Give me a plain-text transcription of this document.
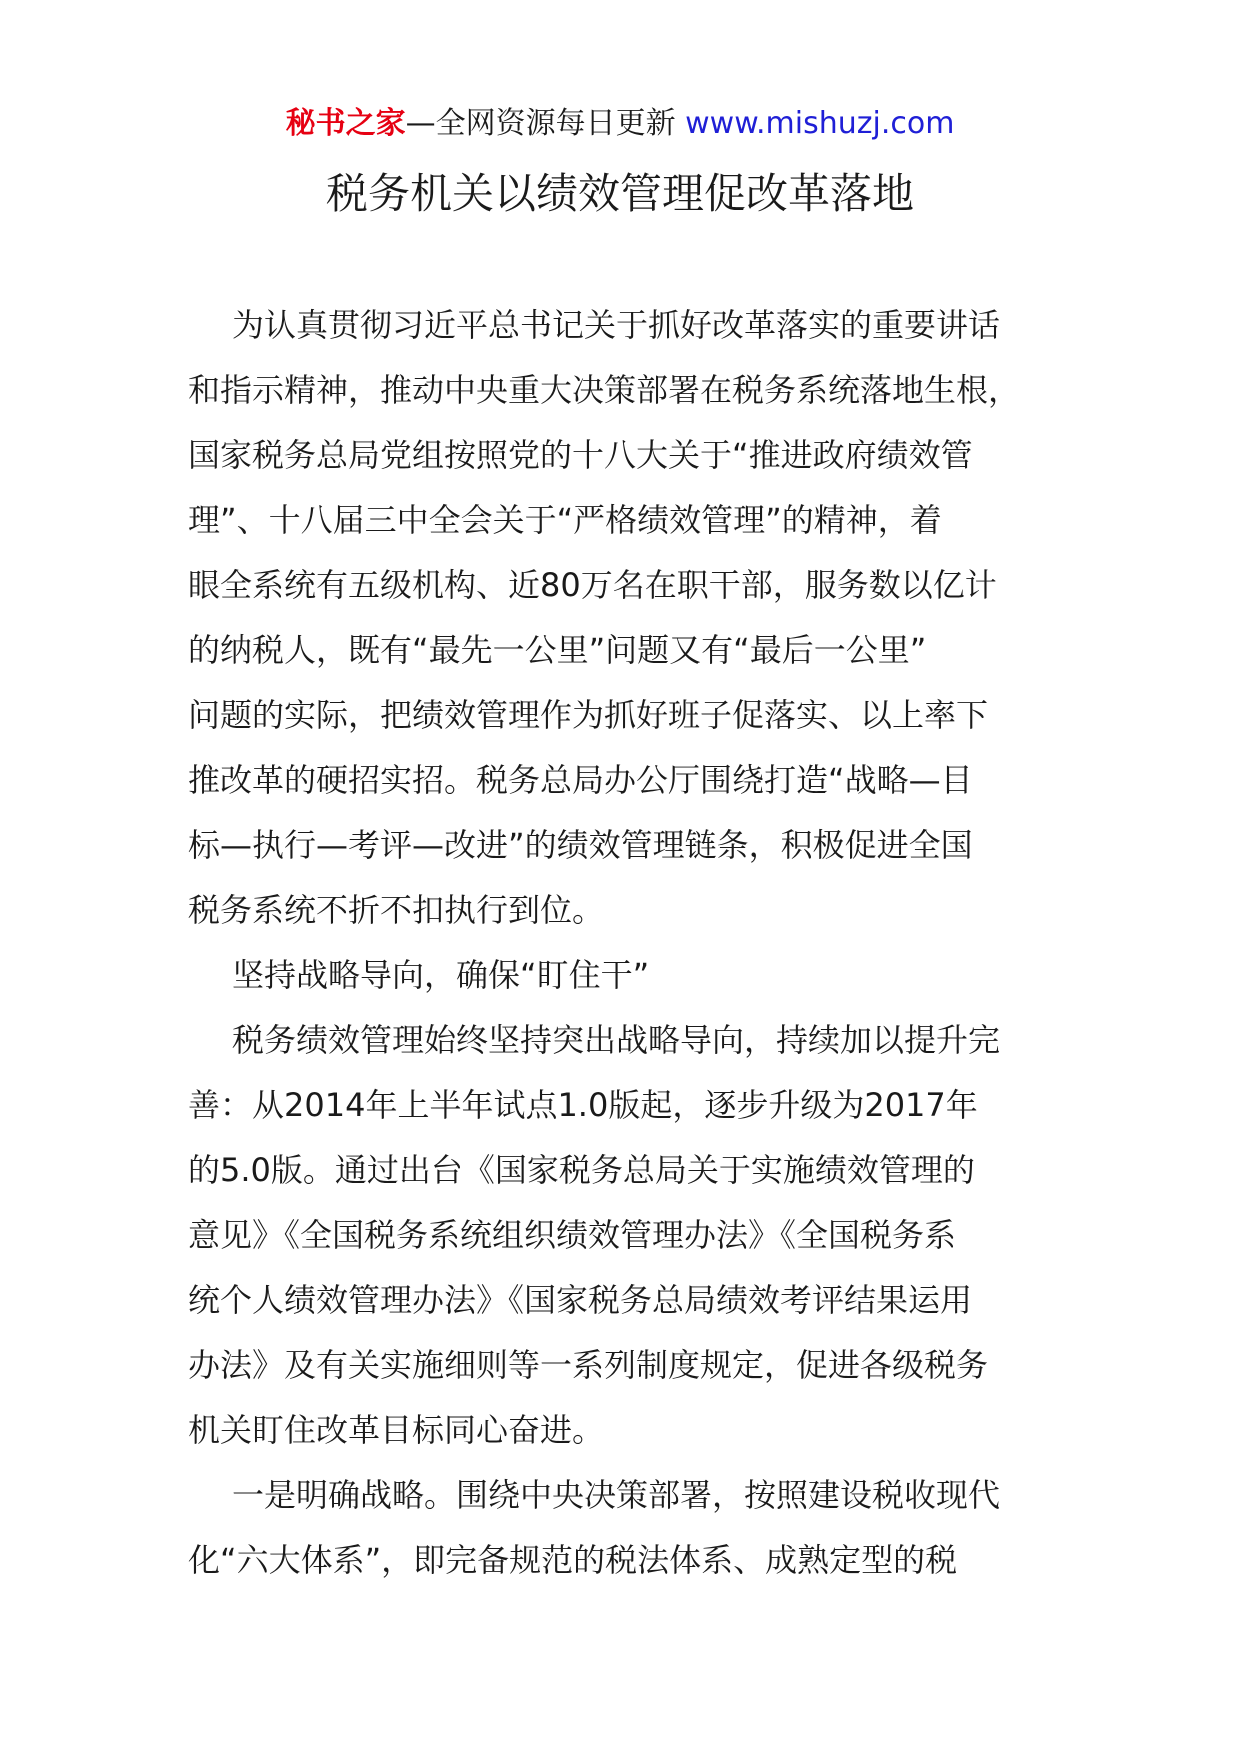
秘书之家—全网资源每日更新 www.mishuzj.com
税务机关以绩效管理促改革落地
为认真贯彻习近平总书记关于抓好改革落实的重要讲话
和指示精神，推动中央重大决策部署在税务系统落地生根，
国家税务总局党组按照党的十八大关于“推进政府绩效管
理”、十八届三中全会关于“严格绩效管理”的精神，着
眼全系统有五级机构、近80万名在职干部，服务数以亿计
的纳税人，既有“最先一公里”问题又有“最后一公里”
问题的实际，把绩效管理作为抓好班子促落实、以上率下
推改革的硬招实招。税务总局办公厅围绕打造“战略—目
标—执行—考评—改进”的绩效管理链条，积极促进全国
税务系统不折不扣执行到位。
坚持战略导向，确保“盯住干”
税务绩效管理始终坚持突出战略导向，持续加以提升完
善：从2014年上半年试点1.0版起，逐步升级为2017年
的5.0版。通过出台《国家税务总局关于实施绩效管理的
意见》《全国税务系统组织绩效管理办法》《全国税务系
统个人绩效管理办法》《国家税务总局绩效考评结果运用
办法》及有关实施细则等一系列制度规定，促进各级税务
机关盯住改革目标同心奋进。
一是明确战略。围绕中央决策部署，按照建设税收现代
化“六大体系”，即完备规范的税法体系、成熟定型的税
